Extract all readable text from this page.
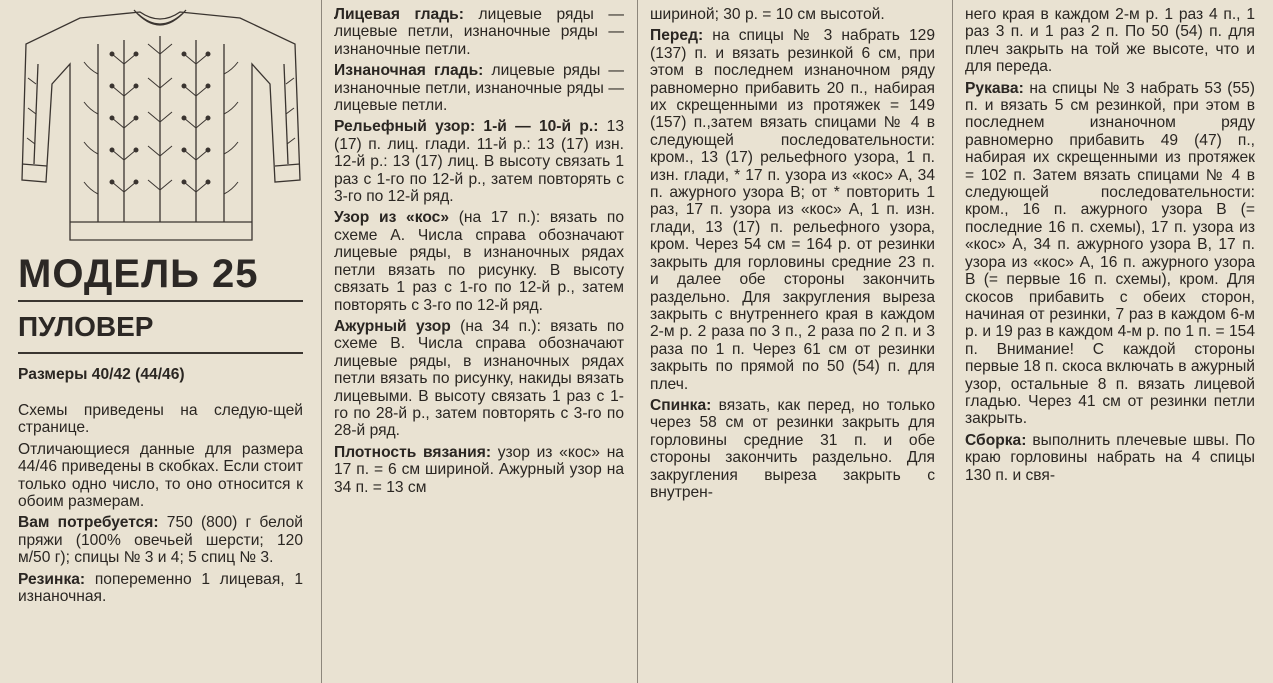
МОДЕЛЬ 25
ПУЛОВЕР
Размеры 40/42 (44/46)

Схемы приведены на следую-щей странице.

Отличающиеся данные для размера 44/46 приведены в скобках. Если стоит только одно число, то оно относится к обоим размерам.

Вам потребуется: 750 (800) г белой пряжи (100% овечьей шерсти; 120 м/50 г); спицы № 3 и 4; 5 спиц № 3.

Резинка: попеременно 1 лицевая, 1 изнаночная.

Лицевая гладь: лицевые ряды — лицевые петли, изнаночные ряды — изнаночные петли.

Изнаночная гладь: лицевые ряды — изнаночные петли, изнаночные ряды — лицевые петли.

Рельефный узор: 1-й — 10-й р.: 13 (17) п. лиц. глади. 11-й р.: 13 (17) изн. 12-й р.: 13 (17) лиц. В высоту связать 1 раз с 1-го по 12-й р., затем повторять с 3-го по 12-й ряд.

Узор из «кос» (на 17 п.): вязать по схеме А. Числа справа обозначают лицевые ряды, в изнаночных рядах петли вязать по рисунку. В высоту связать 1 раз с 1-го по 12-й р., затем повторять с 3-го по 12-й ряд.

Ажурный узор (на 34 п.): вязать по схеме В. Числа справа обозначают лицевые ряды, в изнаночных рядах петли вязать по рисунку, накиды вязать лицевыми. В высоту связать 1 раз с 1-го по 28-й р., затем повторять с 3-го по 28-й ряд.

Плотность вязания: узор из «кос» на 17 п. = 6 см шириной. Ажурный узор на 34 п. = 13 см

шириной; 30 р. = 10 см высотой.

Перед: на спицы № 3 набрать 129 (137) п. и вязать резинкой 6 см, при этом в последнем изнаночном ряду равномерно прибавить 20 п., набирая их скрещенными из протяжек = 149 (157) п.,затем вязать спицами № 4 в следующей последовательности: кром., 13 (17) рельефного узора, 1 п. изн. глади, * 17 п. узора из «кос» А, 34 п. ажурного узора В; от * повторить 1 раз, 17 п. узора из «кос» А, 1 п. изн. глади, 13 (17) п. рельефного узора, кром. Через 54 см = 164 р. от резинки закрыть для горловины средние 23 п. и далее обе стороны закончить раздельно. Для закругления выреза закрыть с внутреннего края в каждом 2-м р. 2 раза по 3 п., 2 раза по 2 п. и 3 раза по 1 п. Через 61 см от резинки закрыть по прямой по 50 (54) п. для плеч.

Спинка: вязать, как перед, но только через 58 см от резинки закрыть для горловины средние 31 п. и обе стороны закончить раздельно. Для закругления выреза закрыть с внутрен-

него края в каждом 2-м р. 1 раз 4 п., 1 раз 3 п. и 1 раз 2 п. По 50 (54) п. для плеч закрыть на той же высоте, что и для переда.

Рукава: на спицы № 3 набрать 53 (55) п. и вязать 5 см резинкой, при этом в последнем изнаночном ряду равномерно прибавить 49 (47) п., набирая их скрещенными из протяжек = 102 п. Затем вязать спицами № 4 в следующей последовательности: кром., 16 п. ажурного узора В (= последние 16 п. схемы), 17 п. узора из «кос» А, 34 п. ажурного узора В, 17 п. узора из «кос» А, 16 п. ажурного узора В (= первые 16 п. схемы), кром. Для скосов прибавить с обеих сторон, начиная от резинки, 7 раз в каждом 6-м р. и 19 раз в каждом 4-м р. по 1 п. = 154 п. Внимание! С каждой стороны первые 18 п. скоса включать в ажурный узор, остальные 8 п. вязать лицевой гладью. Через 41 см от резинки петли закрыть.

Сборка: выполнить плечевые швы. По краю горловины набрать на 4 спицы 130 п. и свя-
